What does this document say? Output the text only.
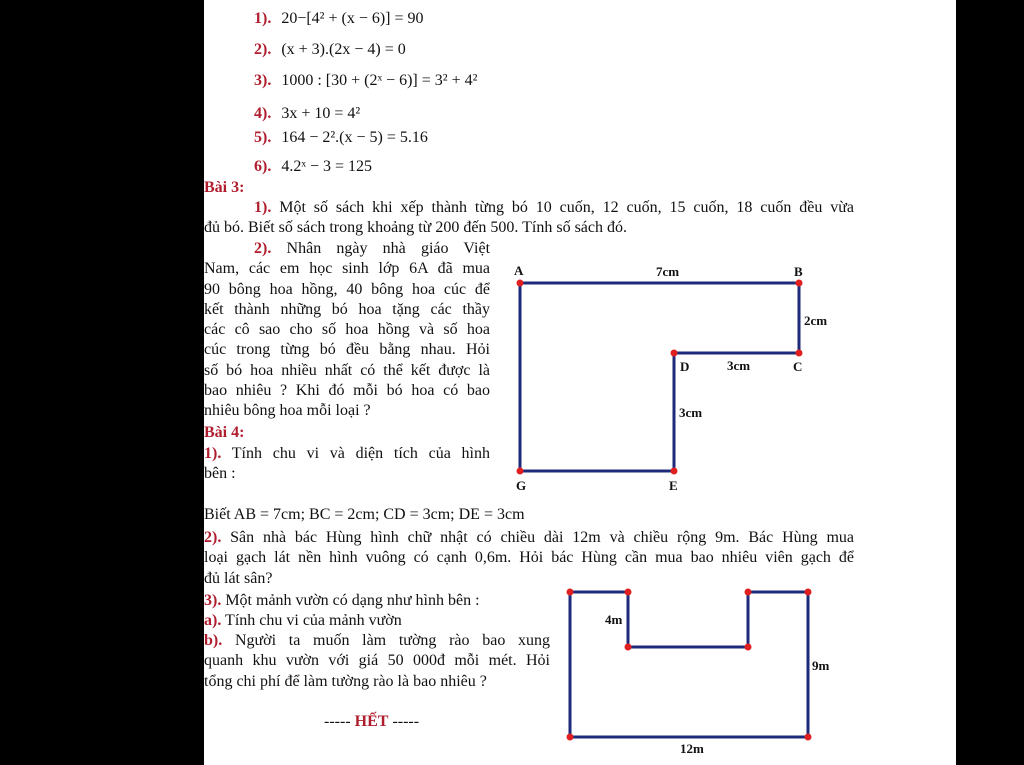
1). 20−[4² + (x − 6)] = 90
2). (x + 3).(2x − 4) = 0
3). 1000 : [30 + (2ˣ − 6)] = 3² + 4²
4). 3x + 10 = 4²
5). 164 − 2².(x − 5) = 5.16
6). 4.2ˣ − 3 = 125
Bài 3:
1). Một số sách khi xếp thành từng bó 10 cuốn, 12 cuốn, 15 cuốn, 18 cuốn đều vừa
đủ bó. Biết số sách trong khoảng từ 200 đến 500. Tính số sách đó.
2). Nhân ngày nhà giáo Việt
Nam, các em học sinh lớp 6A đã mua
90 bông hoa hồng, 40 bông hoa cúc để
kết thành những bó hoa tặng các thầy
các cô sao cho số hoa hồng và số hoa
cúc trong từng bó đều bằng nhau. Hỏi
số bó hoa nhiều nhất có thể kết được là
bao nhiêu ? Khi đó mỗi bó hoa có bao
nhiêu bông hoa mỗi loại ?
Bài 4:
1). Tính chu vi và diện tích của hình
bên :
Biết AB = 7cm; BC = 2cm; CD = 3cm; DE = 3cm
2). Sân nhà bác Hùng hình chữ nhật có chiều dài 12m và chiều rộng 9m. Bác Hùng mua
loại gạch lát nền hình vuông có cạnh 0,6m. Hỏi bác Hùng cần mua bao nhiêu viên gạch để
đủ lát sân?
3). Một mảnh vườn có dạng như hình bên :
a). Tính chu vi của mảnh vườn
b). Người ta muốn làm tường rào bao xung
quanh khu vườn với giá 50 000đ mỗi mét. Hỏi
tổng chi phí để làm tường rào là bao nhiêu ?
----- HẾT -----
A	B
C
D
E
G
7cm
2cm
3cm
3cm
4m
9m
12m
